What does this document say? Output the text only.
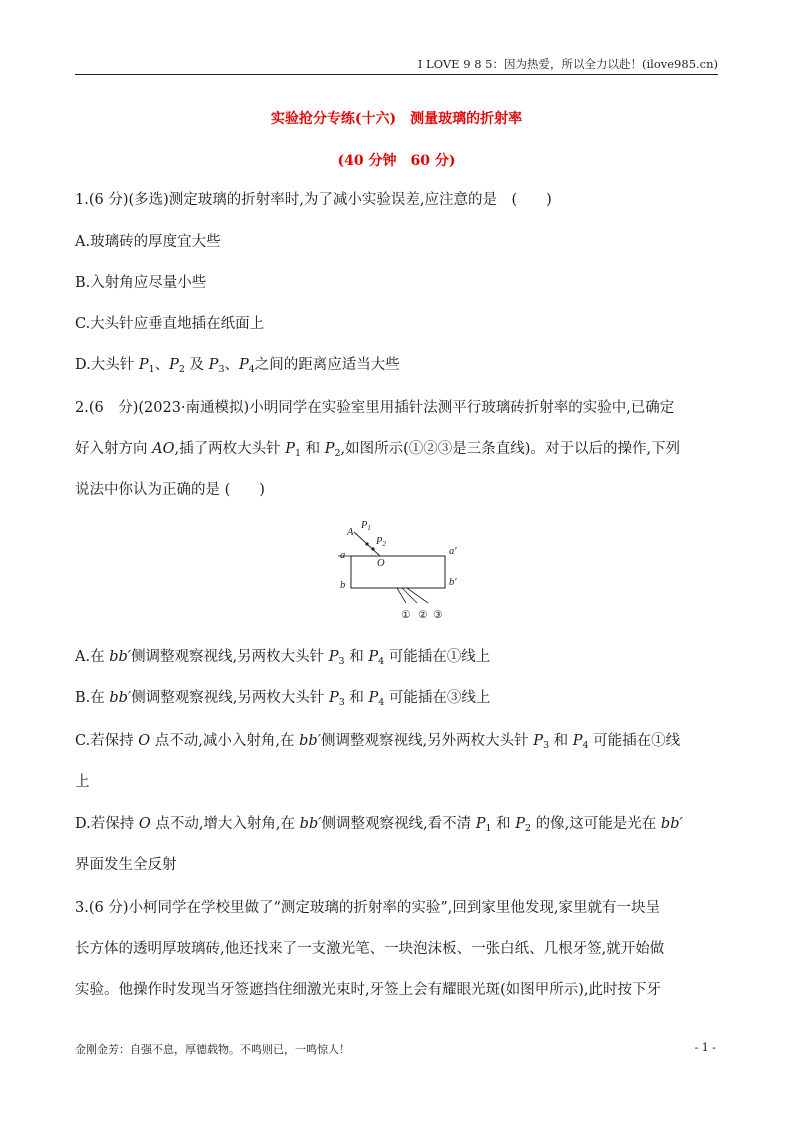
I LOVE 9 8 5：因为热爱，所以全力以赴！(ilove985.cn)
实验抢分专练(十六)　测量玻璃的折射率
(40 分钟　60 分)
1.(6 分)(多选)测定玻璃的折射率时,为了减小实验误差,应注意的是　(　　)
A.玻璃砖的厚度宜大些
B.入射角应尽量小些
C.大头针应垂直地插在纸面上
D.大头针 $P_1$、$P_2$ 及 $P_3$、$P_4$之间的距离应适当大些
2.(6　分)(2023·南通模拟)小明同学在实验室里用插针法测平行玻璃砖折射率的实验中,已确定
好入射方向 AO,插了两枚大头针 $P_1$ 和 $P_2$,如图所示(①②③是三条直线)。对于以后的操作,下列
说法中你认为正确的是 (　　)
A
P1
P2
a	a′
O
b	b′
① ② ③
A.在 bb′侧调整观察视线,另两枚大头针 $P_3$ 和 $P_4$ 可能插在①线上
B.在 bb′侧调整观察视线,另两枚大头针 $P_3$ 和 $P_4$ 可能插在③线上
C.若保持 O 点不动,减小入射角,在 bb′侧调整观察视线,另外两枚大头针 $P_3$ 和 $P_4$ 可能插在①线
上
D.若保持 O 点不动,增大入射角,在 bb′侧调整观察视线,看不清 $P_1$ 和 $P_2$ 的像,这可能是光在 bb′
界面发生全反射
3.(6 分)小柯同学在学校里做了“测定玻璃的折射率的实验”,回到家里他发现,家里就有一块呈
长方体的透明厚玻璃砖,他还找来了一支激光笔、一块泡沫板、一张白纸、几根牙签,就开始做
实验。他操作时发现当牙签遮挡住细激光束时,牙签上会有耀眼光斑(如图甲所示),此时按下牙
金刚金芳：自强不息，厚德载物。不鸣则已，一鸣惊人！	- 1 -
